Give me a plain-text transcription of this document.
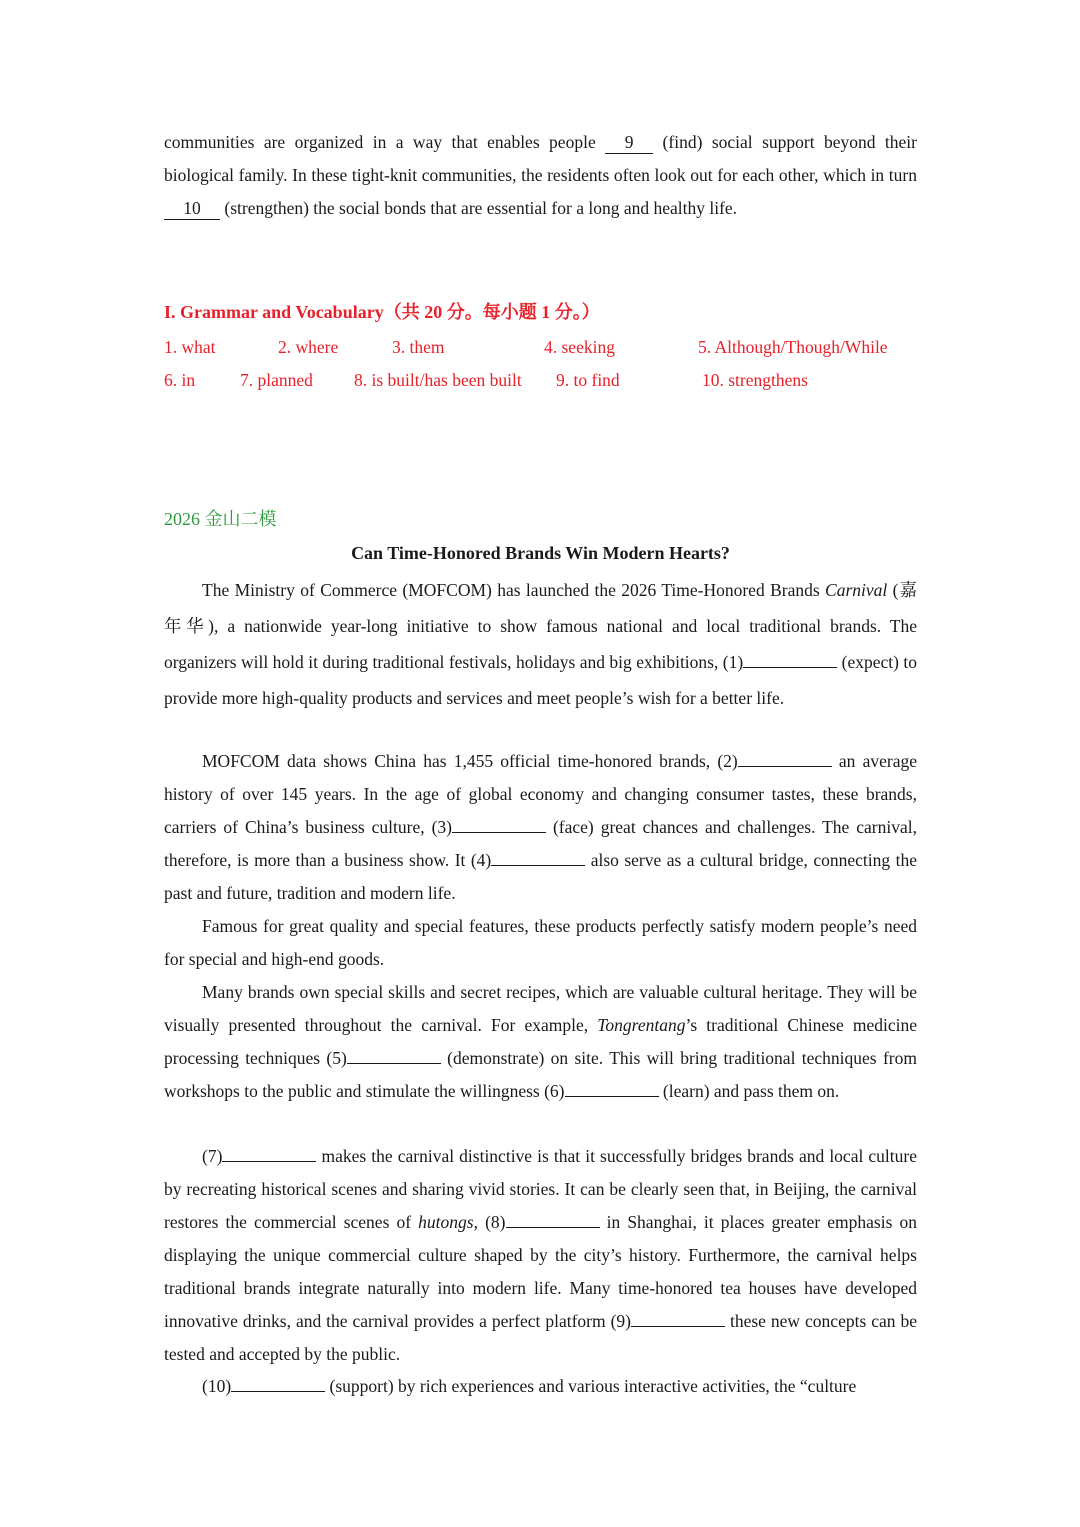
communities are organized in a way that enables people 9 (find) social support beyond their biological family. In these tight-knit communities, the residents often look out for each other, which in turn 10 (strengthen) the social bonds that are essential for a long and healthy life.

I. Grammar and Vocabulary（共 20 分。每小题 1 分。）
1. what	2. where	3. them	4. seeking	5. Although/Though/While
6. in	7. planned 8. is built/has been built 9. to find	10. strengthens
2026 金山二模
Can Time-Honored Brands Win Modern Hearts?

The Ministry of Commerce (MOFCOM) has launched the 2026 Time-Honored Brands Carnival (嘉年华), a nationwide year-long initiative to show famous national and local traditional brands. The organizers will hold it during traditional festivals, holidays and big exhibitions, (1)	(expect) to provide more high-quality products and services and meet people’s wish for a better life.

MOFCOM data shows China has 1,455 official time-honored brands, (2)	an average history of over 145 years. In the age of global economy and changing consumer tastes, these brands, carriers of China’s business culture, (3)	(face) great chances and challenges. The carnival, therefore, is more than a business show. It (4)	also serve as a cultural bridge, connecting the past and future, tradition and modern life.

Famous for great quality and special features, these products perfectly satisfy modern people’s need for special and high-end goods.

Many brands own special skills and secret recipes, which are valuable cultural heritage. They will be visually presented throughout the carnival. For example, Tongrentang’s traditional Chinese medicine processing techniques (5)	(demonstrate) on site. This will bring traditional techniques from workshops to the public and stimulate the willingness (6)	(learn) and pass them on.

(7)	makes the carnival distinctive is that it successfully bridges brands and local culture by recreating historical scenes and sharing vivid stories. It can be clearly seen that, in Beijing, the carnival restores the commercial scenes of hutongs, (8)	in Shanghai, it places greater emphasis on displaying the unique commercial culture shaped by the city’s history. Furthermore, the carnival helps traditional brands integrate naturally into modern life. Many time-honored tea houses have developed innovative drinks, and the carnival provides a perfect platform (9)	these new concepts can be tested and accepted by the public.

(10)	(support) by rich experiences and various interactive activities, the “culture
